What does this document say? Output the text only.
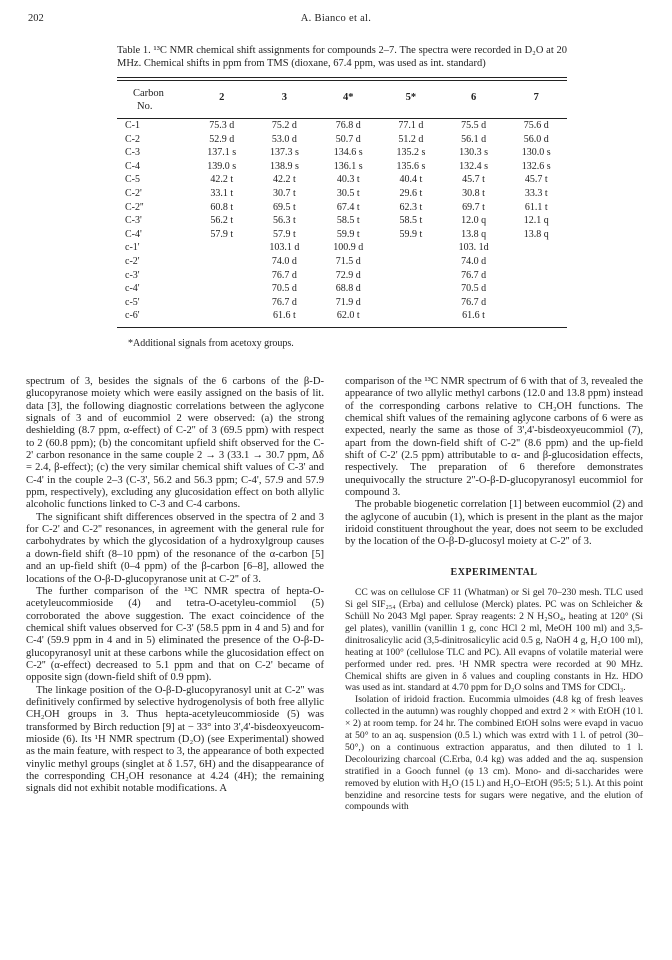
202	A. Bianco et al.
Table 1. ¹³C NMR chemical shift assignments for compounds 2–7. The spectra were recorded in D₂O at 20 MHz. Chemical shifts in ppm from TMS (dioxane, 67.4 ppm, was used as int. standard)
Carbon
No.	2	3	4*	5*	6	7

C-1	75.3 d	75.2 d	76.8 d	77.1 d	75.5 d	75.6 d
C-2	52.9 d	53.0 d	50.7 d	51.2 d	56.1 d	56.0 d
C-3	137.1 s	137.3 s	134.6 s	135.2 s	130.3 s	130.0 s
C-4	139.0 s	138.9 s	136.1 s	135.6 s	132.4 s	132.6 s
C-5	42.2 t	42.2 t	40.3 t	40.4 t	45.7 t	45.7 t
C-2'	33.1 t	30.7 t	30.5 t	29.6 t	30.8 t	33.3 t
C-2''	60.8 t	69.5 t	67.4 t	62.3 t	69.7 t	61.1 t
C-3'	56.2 t	56.3 t	58.5 t	58.5 t	12.0 q	12.1 q
C-4'	57.9 t	57.9 t	59.9 t	59.9 t	13.8 q	13.8 q
c-1'		103.1 d	100.9 d		103. 1d	
c-2'		74.0 d	71.5 d		74.0 d	
c-3'		76.7 d	72.9 d		76.7 d	
c-4'		70.5 d	68.8 d		70.5 d	
c-5'		76.7 d	71.9 d		76.7 d	
c-6'		61.6 t	62.0 t		61.6 t	
*Additional signals from acetoxy groups.

spectrum of 3, besides the signals of the 6 carbons of the β-D-glucopyranose moiety which were easily assigned on the basis of lit. data [3], the following diagnostic correlations between the aglycone signals of 3 and of eucommiol 2 were observed: (a) the strong deshielding (8.7 ppm, α-effect) of C-2'' of 3 (69.5 ppm) with respect to 2 (60.8 ppm); (b) the concomitant upfield shift observed for the C-2' carbon resonance in the same couple 2 → 3 (33.1 → 30.7 ppm, Δδ = 2.4, β-effect); (c) the very similar chemical shift values of C-3' and C-4' in the couple 2–3 (C-3', 56.2 and 56.3 ppm; C-4', 57.9 and 57.9 ppm, respectively), excluding any glucosidation effect on both allylic alcoholic functions linked to C-3 and C-4 carbons.

The significant shift differences observed in the spectra of 2 and 3 for C-2' and C-2'' resonances, in agreement with the general rule for carbohydrates by which the glycosidation of a hydroxylgroup causes a down-field shift (8–10 ppm) of the resonance of the α-carbon [5] and an up-field shift (0–4 ppm) of the β-carbon [6–8], allowed the locations of the O-β-D-glucopyranose unit at C-2'' of 3.

The further comparison of the ¹³C NMR spectra of hepta-O-acetyleucommioside (4) and tetra-O-acetyleu-commiol (5) corroborated the above suggestion. The exact coincidence of the chemical shift values observed for C-3' (58.5 ppm in 4 and 5) and for C-4' (59.9 ppm in 4 and in 5) eliminated the presence of the O-β-D-glucopyranosyl unit at these carbons while the glucosidation effect on C-2'' (α-effect) decreased to 5.1 ppm and that on C-2' became of opposite sign (down-field shift of 0.9 ppm).

The linkage position of the O-β-D-glucopyranosyl unit at C-2'' was definitively confirmed by selective hydrogenolysis of both free allylic CH₂OH groups in 3. Thus hepta-acetyleucommioside (5) was transformed by Birch reduction [9] at − 33° into 3',4'-bisdeoxyeucom-mioside (6). Its ¹H NMR spectrum (D₂O) (see Experimental) showed as the main feature, with respect to 3, the appearance of both expected vinylic methyl groups (singlet at δ 1.57, 6H) and the disappearance of the corresponding CH₂OH resonance at 4.24 (4H); the remaining signals did not exhibit notable modifications. A

comparison of the ¹³C NMR spectrum of 6 with that of 3, revealed the appearance of two allylic methyl carbons (12.0 and 13.8 ppm) instead of the corresponding carbons relative to CH₂OH functions. The chemical shift values of the remaining aglycone carbons of 6 were as expected, nearly the same as those of 3',4'-bisdeoxyeucommiol (7), apart from the down-field shift of C-2'' (8.6 ppm) and the up-field shift of C-2' (2.5 ppm) attributable to α- and β-glucosidation effects, respectively. The preparation of 6 therefore demonstrates unequivocally the structure 2''-O-β-D-glucopyranosyl eucommiol for compound 3.

The probable biogenetic correlation [1] between eucommiol (2) and the aglycone of aucubin (1), which is present in the plant as the major iridoid constituent throughout the year, does not seem to be excluded by the location of the O-β-D-glucosyl moiety at C-2'' of 3.

EXPERIMENTAL

CC was on cellulose CF 11 (Whatman) or Si gel 70–230 mesh. TLC used Si gel SIF₂₅₄ (Erba) and cellulose (Merck) plates. PC was on Schleicher & Schüll No 2043 Mgl paper. Spray reagents: 2 N H₂SO₄, heating at 120° (Si gel plates), vanillin (vanillin 1 g, conc HCl 2 ml, MeOH 100 ml) and 3,5-dinitrosalicylic acid (3,5-dinitrosalicylic acid 0.5 g, NaOH 4 g, H₂O 100 ml), heating at 100° (cellulose TLC and PC). All evapns of volatile material were performed under red. pres. ¹H NMR spectra were recorded at 90 MHz. Chemical shifts are given in δ values and coupling constants in Hz. HDO was used as int. standard at 4.70 ppm for D₂O solns and TMS for CDCl₃.

Isolation of iridoid fraction. Eucommia ulmoides (4.8 kg of fresh leaves collected in the autumn) was roughly chopped and extrd 2 × with EtOH (10 l. × 2) at room temp. for 24 hr. The combined EtOH solns were evapd in vacuo at 50° to an aq. suspension (0.5 l.) which was extrd with 1 l. of petrol (30–50°,) on a continuous extraction apparatus, and then diluted to 1 l. Decolourizing charcoal (C.Erba, 0.4 kg) was added and the aq. suspension stratified in a Gooch funnel (φ 13 cm). Mono- and di-saccharides were removed by elution with H₂O (15 l.) and H₂O–EtOH (95:5; 5 l.). At this point benzidine and resorcine tests for sugars were negative, and the elution of compounds with
